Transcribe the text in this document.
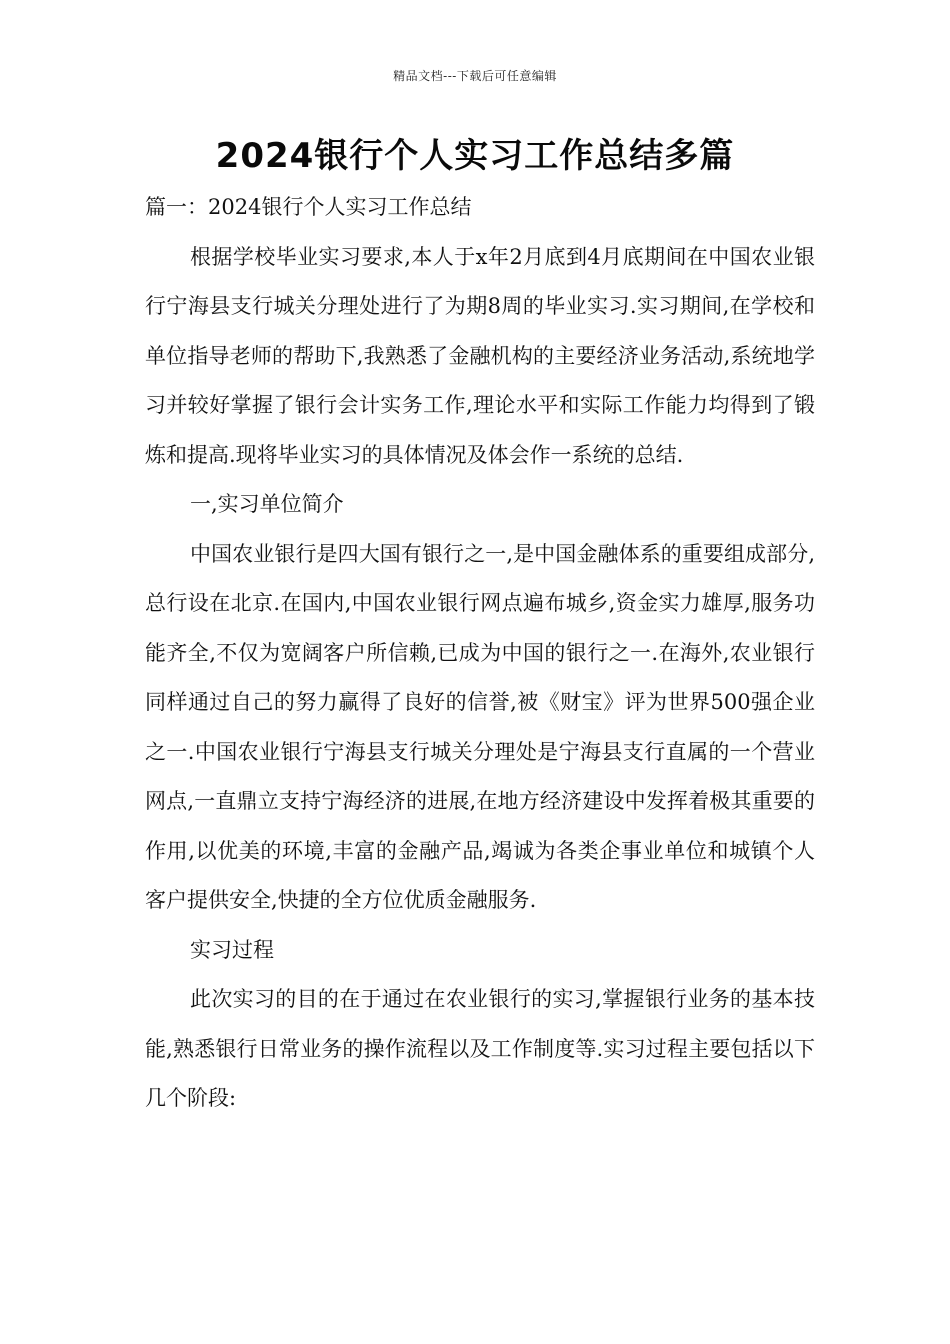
精品文档---下载后可任意编辑
2024银行个人实习工作总结多篇

篇一：2024银行个人实习工作总结

根据学校毕业实习要求,本人于x年2月底到4月底期间在中国农业银行宁海县支行城关分理处进行了为期8周的毕业实习.实习期间,在学校和单位指导老师的帮助下,我熟悉了金融机构的主要经济业务活动,系统地学习并较好掌握了银行会计实务工作,理论水平和实际工作能力均得到了锻炼和提高.现将毕业实习的具体情况及体会作一系统的总结.

一,实习单位简介

中国农业银行是四大国有银行之一,是中国金融体系的重要组成部分,总行设在北京.在国内,中国农业银行网点遍布城乡,资金实力雄厚,服务功能齐全,不仅为宽阔客户所信赖,已成为中国的银行之一.在海外,农业银行同样通过自己的努力赢得了良好的信誉,被《财宝》评为世界500强企业之一.中国农业银行宁海县支行城关分理处是宁海县支行直属的一个营业网点,一直鼎立支持宁海经济的进展,在地方经济建设中发挥着极其重要的作用,以优美的环境,丰富的金融产品,竭诚为各类企事业单位和城镇个人客户提供安全,快捷的全方位优质金融服务.

实习过程

此次实习的目的在于通过在农业银行的实习,掌握银行业务的基本技能,熟悉银行日常业务的操作流程以及工作制度等.实习过程主要包括以下几个阶段:
